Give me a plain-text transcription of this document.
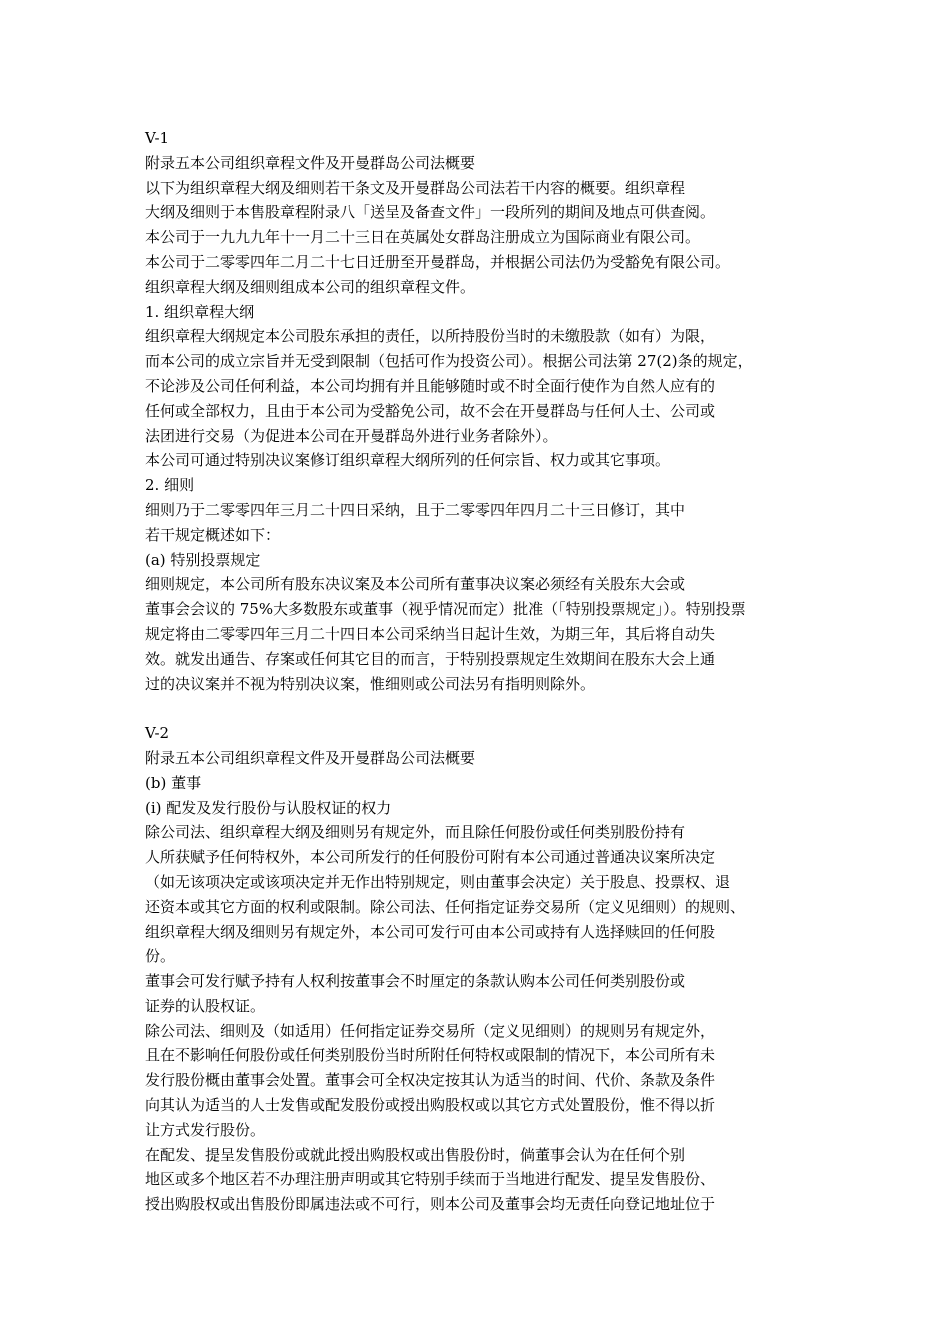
V-1
附录五本公司组织章程文件及开曼群岛公司法概要
以下为组织章程大纲及细则若干条文及开曼群岛公司法若干内容的概要。组织章程
大纲及细则于本售股章程附录八「送呈及备查文件」一段所列的期间及地点可供查阅。
本公司于一九九九年十一月二十三日在英属处女群岛注册成立为国际商业有限公司。
本公司于二零零四年二月二十七日迁册至开曼群岛，并根据公司法仍为受豁免有限公司。
组织章程大纲及细则组成本公司的组织章程文件。
1. 组织章程大纲
组织章程大纲规定本公司股东承担的责任，以所持股份当时的未缴股款（如有）为限，
而本公司的成立宗旨并无受到限制（包括可作为投资公司）。根据公司法第 27(2)条的规定，
不论涉及公司任何利益，本公司均拥有并且能够随时或不时全面行使作为自然人应有的
任何或全部权力，且由于本公司为受豁免公司，故不会在开曼群岛与任何人士、公司或
法团进行交易（为促进本公司在开曼群岛外进行业务者除外）。
本公司可通过特别决议案修订组织章程大纲所列的任何宗旨、权力或其它事项。
2. 细则
细则乃于二零零四年三月二十四日采纳，且于二零零四年四月二十三日修订，其中
若干规定概述如下：
(a) 特别投票规定
细则规定，本公司所有股东决议案及本公司所有董事决议案必须经有关股东大会或
董事会会议的 75%大多数股东或董事（视乎情况而定）批准（「特别投票规定」）。特别投票
规定将由二零零四年三月二十四日本公司采纳当日起计生效，为期三年，其后将自动失
效。就发出通告、存案或任何其它目的而言，于特别投票规定生效期间在股东大会上通
过的决议案并不视为特别决议案，惟细则或公司法另有指明则除外。
V-2
附录五本公司组织章程文件及开曼群岛公司法概要
(b) 董事
(i) 配发及发行股份与认股权证的权力
除公司法、组织章程大纲及细则另有规定外，而且除任何股份或任何类别股份持有
人所获赋予任何特权外，本公司所发行的任何股份可附有本公司通过普通决议案所决定
（如无该项决定或该项决定并无作出特别规定，则由董事会决定）关于股息、投票权、退
还资本或其它方面的权利或限制。除公司法、任何指定证券交易所（定义见细则）的规则、
组织章程大纲及细则另有规定外，本公司可发行可由本公司或持有人选择赎回的任何股
份。
董事会可发行赋予持有人权利按董事会不时厘定的条款认购本公司任何类别股份或
证券的认股权证。
除公司法、细则及（如适用）任何指定证券交易所（定义见细则）的规则另有规定外，
且在不影响任何股份或任何类别股份当时所附任何特权或限制的情况下，本公司所有未
发行股份概由董事会处置。董事会可全权决定按其认为适当的时间、代价、条款及条件
向其认为适当的人士发售或配发股份或授出购股权或以其它方式处置股份，惟不得以折
让方式发行股份。
在配发、提呈发售股份或就此授出购股权或出售股份时，倘董事会认为在任何个别
地区或多个地区若不办理注册声明或其它特别手续而于当地进行配发、提呈发售股份、
授出购股权或出售股份即属违法或不可行，则本公司及董事会均无责任向登记地址位于
